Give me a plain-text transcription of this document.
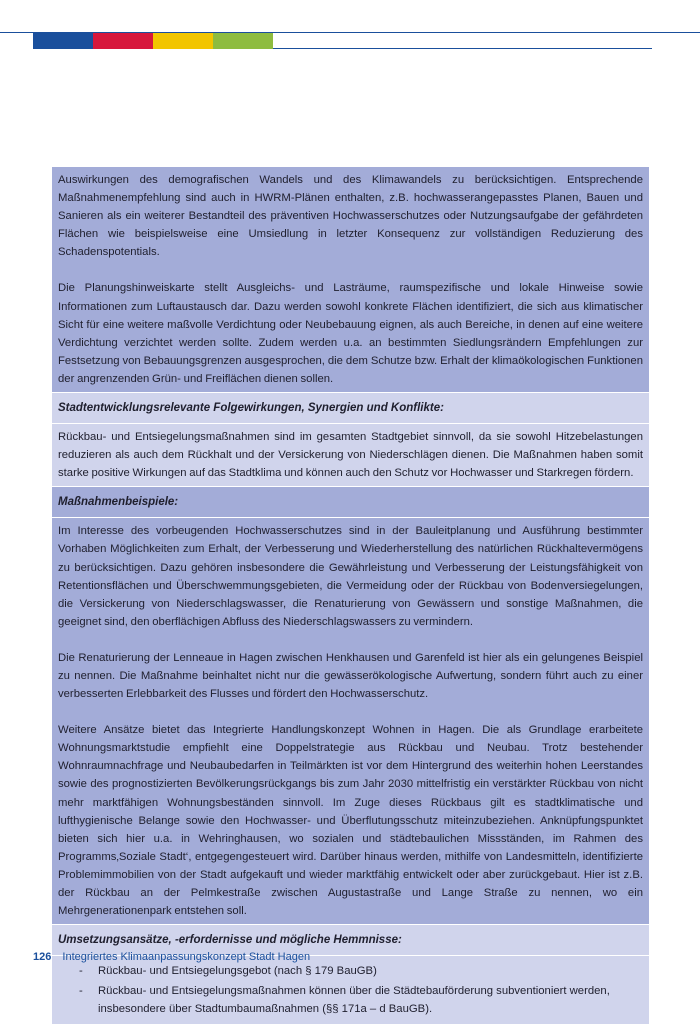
Auswirkungen des demografischen Wandels und des Klimawandels zu berücksichtigen. Entsprechende Maßnahmenempfehlung sind auch in HWRM-Plänen enthalten, z.B. hochwasserangepasstes Planen, Bauen und Sanieren als ein weiterer Bestandteil des präventiven Hochwasserschutzes oder Nutzungsaufgabe der gefährdeten Flächen wie beispielsweise eine Umsiedlung in letzter Konsequenz zur vollständigen Reduzierung des Schadenspotentials.

Die Planungshinweiskarte stellt Ausgleichs- und Lasträume, raumspezifische und lokale Hinweise sowie Informationen zum Luftaustausch dar. Dazu werden sowohl konkrete Flächen identifiziert, die sich aus klimatischer Sicht für eine weitere maßvolle Verdichtung oder Neubebauung eignen, als auch Bereiche, in denen auf eine weitere Verdichtung verzichtet werden sollte. Zudem werden u.a. an bestimmten Siedlungsrändern Empfehlungen zur Festsetzung von Bebauungsgrenzen ausgesprochen, die dem Schutze bzw. Erhalt der klimaökologischen Funktionen der angrenzenden Grün- und Freiflächen dienen sollen.

Stadtentwicklungsrelevante Folgewirkungen, Synergien und Konflikte:

Rückbau- und Entsiegelungsmaßnahmen sind im gesamten Stadtgebiet sinnvoll, da sie sowohl Hitzebelastungen reduzieren als auch dem Rückhalt und der Versickerung von Niederschlägen dienen. Die Maßnahmen haben somit starke positive Wirkungen auf das Stadtklima und können auch den Schutz vor Hochwasser und Starkregen fördern.

Maßnahmenbeispiele:

Im Interesse des vorbeugenden Hochwasserschutzes sind in der Bauleitplanung und Ausführung bestimmter Vorhaben Möglichkeiten zum Erhalt, der Verbesserung und Wiederherstellung des natürlichen Rückhaltevermögens zu berücksichtigen. Dazu gehören insbesondere die Gewährleistung und Verbesserung der Leistungsfähigkeit von Retentionsflächen und Überschwemmungsgebieten, die Vermeidung oder der Rückbau von Bodenversiegelungen, die Versickerung von Niederschlagswasser, die Renaturierung von Gewässern und sonstige Maßnahmen, die geeignet sind, den oberflächigen Abfluss des Niederschlagswassers zu vermindern.

Die Renaturierung der Lenneaue in Hagen zwischen Henkhausen und Garenfeld ist hier als ein gelungenes Beispiel zu nennen. Die Maßnahme beinhaltet nicht nur die gewässerökologische Aufwertung, sondern führt auch zu einer verbesserten Erlebbarkeit des Flusses und fördert den Hochwasserschutz.

Weitere Ansätze bietet das Integrierte Handlungskonzept Wohnen in Hagen. Die als Grundlage erarbeitete Wohnungsmarktstudie empfiehlt eine Doppelstrategie aus Rückbau und Neubau. Trotz bestehender Wohnraumnachfrage und Neubaubedarfen in Teilmärkten ist vor dem Hintergrund des weiterhin hohen Leerstandes sowie des prognostizierten Bevölkerungsrückgangs bis zum Jahr 2030 mittelfristig ein verstärkter Rückbau von nicht mehr marktfähigen Wohnungsbeständen sinnvoll. Im Zuge dieses Rückbaus gilt es stadtklimatische und lufthygienische Belange sowie den Hochwasser- und Überflutungsschutz miteinzubeziehen. Anknüpfungspunktet bieten sich hier u.a. in Wehringhausen, wo sozialen und städtebaulichen Missständen, im Rahmen des Programms‚Soziale Stadt‘, entgegengesteuert wird. Darüber hinaus werden, mithilfe von Landesmitteln, identifizierte Problemimmobilien von der Stadt aufgekauft und wieder marktfähig entwickelt oder aber zurückgebaut. Hier ist z.B. der Rückbau an der Pelmkestraße zwischen Augustastraße und Lange Straße zu nennen, wo ein Mehrgenerationenpark entstehen soll.

Umsetzungsansätze, -erfordernisse und mögliche Hemmnisse:
- Rückbau- und Entsiegelungsgebot (nach § 179 BauGB)
- Rückbau- und Entsiegelungsmaßnahmen können über die Städtebauförderung subventioniert werden, insbesondere über Stadtumbaumaßnahmen (§§ 171a – d BauGB).
126 Integriertes Klimaanpassungskonzept Stadt Hagen
